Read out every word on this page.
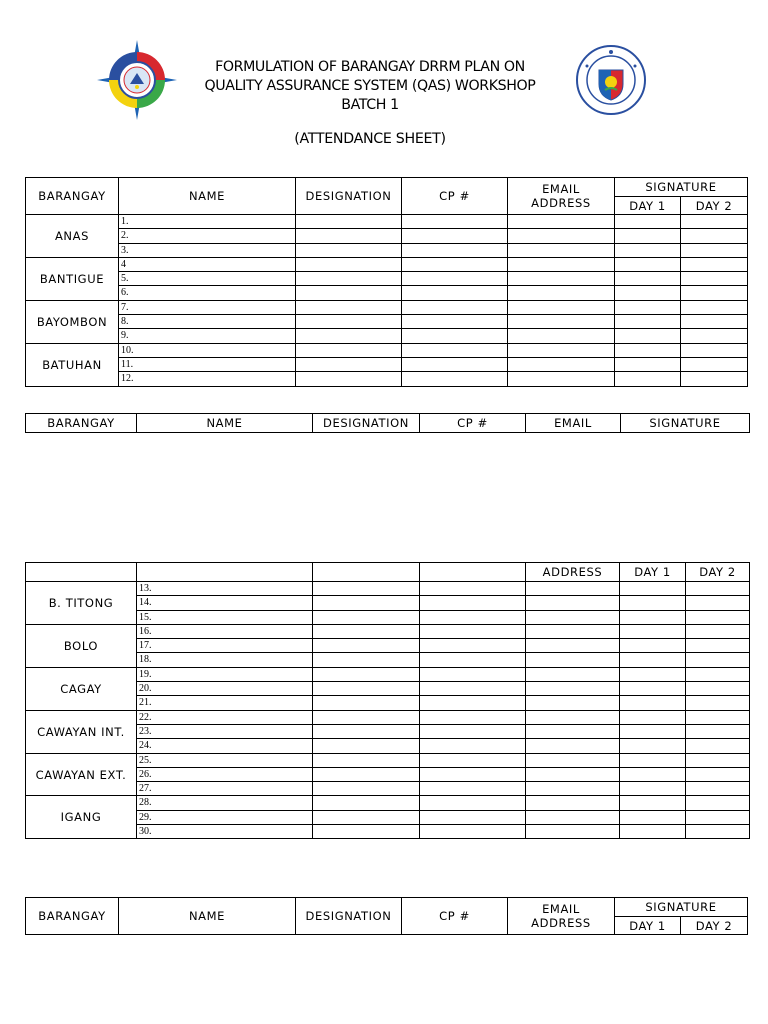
FORMULATION OF BARANGAY DRRM PLAN ON
QUALITY ASSURANCE SYSTEM (QAS) WORKSHOP
BATCH 1
(ATTENDANCE SHEET)
BARANGAY	NAME	DESIGNATION	CP #	EMAIL
ADDRESS	SIGNATURE	
					DAY 1	DAY 2
ANAS	1.					
	2.					
	3.					
BANTIGUE	4					
	5.					
	6.					
BAYOMBON	7.					
	8.					
	9.					
BATUHAN	10.					
	11.					
	12.					
BARANGAY	NAME	DESIGNATION	CP #	EMAIL	SIGNATURE
				ADDRESS	DAY 1	DAY 2
B. TITONG	13.					
	14.					
	15.					
BOLO	16.					
	17.					
	18.					
CAGAY	19.					
	20.					
	21.					
CAWAYAN INT.	22.					
	23.					
	24.					
CAWAYAN EXT.	25.					
	26.					
	27.					
IGANG	28.					
	29.					
	30.					
BARANGAY	NAME	DESIGNATION	CP #	EMAIL
ADDRESS	SIGNATURE	
					DAY 1	DAY 2
